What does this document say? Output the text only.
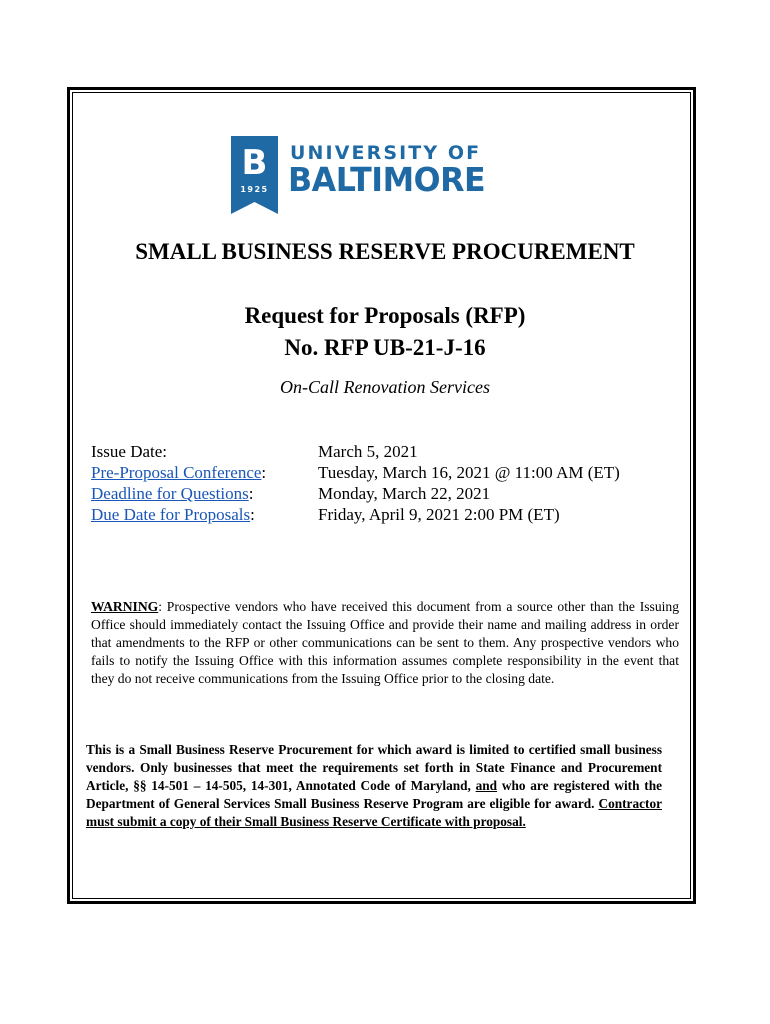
B
1925
UNIVERSITY OF
BALTIMORE
SMALL BUSINESS RESERVE PROCUREMENT
Request for Proposals (RFP)
No. RFP UB-21-J-16
On-Call Renovation Services
Issue Date:	March 5, 2021
Pre-Proposal Conference:	Tuesday, March 16, 2021 @ 11:00 AM (ET)
Deadline for Questions:	Monday, March 22, 2021
Due Date for Proposals:	Friday, April 9, 2021 2:00 PM (ET)
WARNING: Prospective vendors who have received this document from a source other than the Issuing Office should immediately contact the Issuing Office and provide their name and mailing address in order that amendments to the RFP or other communications can be sent to them. Any prospective vendors who fails to notify the Issuing Office with this information assumes complete responsibility in the event that they do not receive communications from the Issuing Office prior to the closing date.
This is a Small Business Reserve Procurement for which award is limited to certified small business vendors. Only businesses that meet the requirements set forth in State Finance and Procurement Article, §§ 14-501 – 14-505, 14-301, Annotated Code of Maryland, and who are registered with the Department of General Services Small Business Reserve Program are eligible for award. Contractor must submit a copy of their Small Business Reserve Certificate with proposal.
